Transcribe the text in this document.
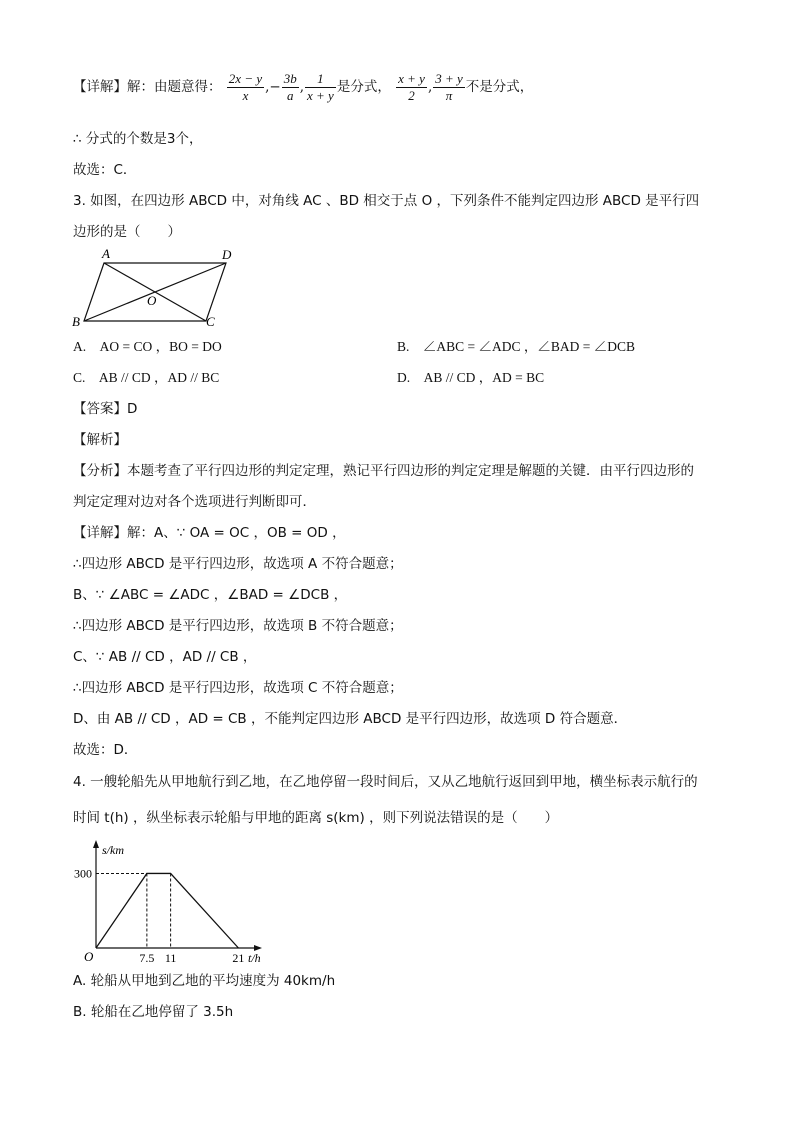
【详解】解：由题意得： $\frac{2x - y}{x}$ ,− $\frac{3b}{a}$ , $\frac{1}{x + y}$ 是分式， $\frac{x + y}{2}$ , $\frac{3 + y}{\pi}$ 不是分式，
∴ 分式的个数是3个，
故选：C．
3. 如图，在四边形 ABCD 中，对角线 AC 、BD 相交于点 O ，下列条件不能判定四边形 ABCD 是平行四
边形的是（　　）
A	D
B	C
O
A.　AO = CO ，BO = DO	B.　∠ABC = ∠ADC ，∠BAD = ∠DCB
C.　AB // CD ，AD // BC	D.　AB // CD ，AD = BC
【答案】D
【解析】
【分析】本题考查了平行四边形的判定定理，熟记平行四边形的判定定理是解题的关键．由平行四边形的
判定定理对边对各个选项进行判断即可．
【详解】解：A、∵ OA = OC ，OB = OD ，
∴四边形 ABCD 是平行四边形，故选项 A 不符合题意；
B、∵ ∠ABC = ∠ADC ，∠BAD = ∠DCB ，
∴四边形 ABCD 是平行四边形，故选项 B 不符合题意；
C、∵ AB // CD ，AD // CB ，
∴四边形 ABCD 是平行四边形，故选项 C 不符合题意；
D、由 AB // CD ，AD = CB ，不能判定四边形 ABCD 是平行四边形，故选项 D 符合题意．
故选：D．
4. 一艘轮船先从甲地航行到乙地，在乙地停留一段时间后，又从乙地航行返回到甲地，横坐标表示航行的
时间 t(h) ，纵坐标表示轮船与甲地的距离 s(km) ，则下列说法错误的是（　　）
7.5 11	21
300
O	t/h
s/km
A. 轮船从甲地到乙地的平均速度为 40km/h
B. 轮船在乙地停留了 3.5h
